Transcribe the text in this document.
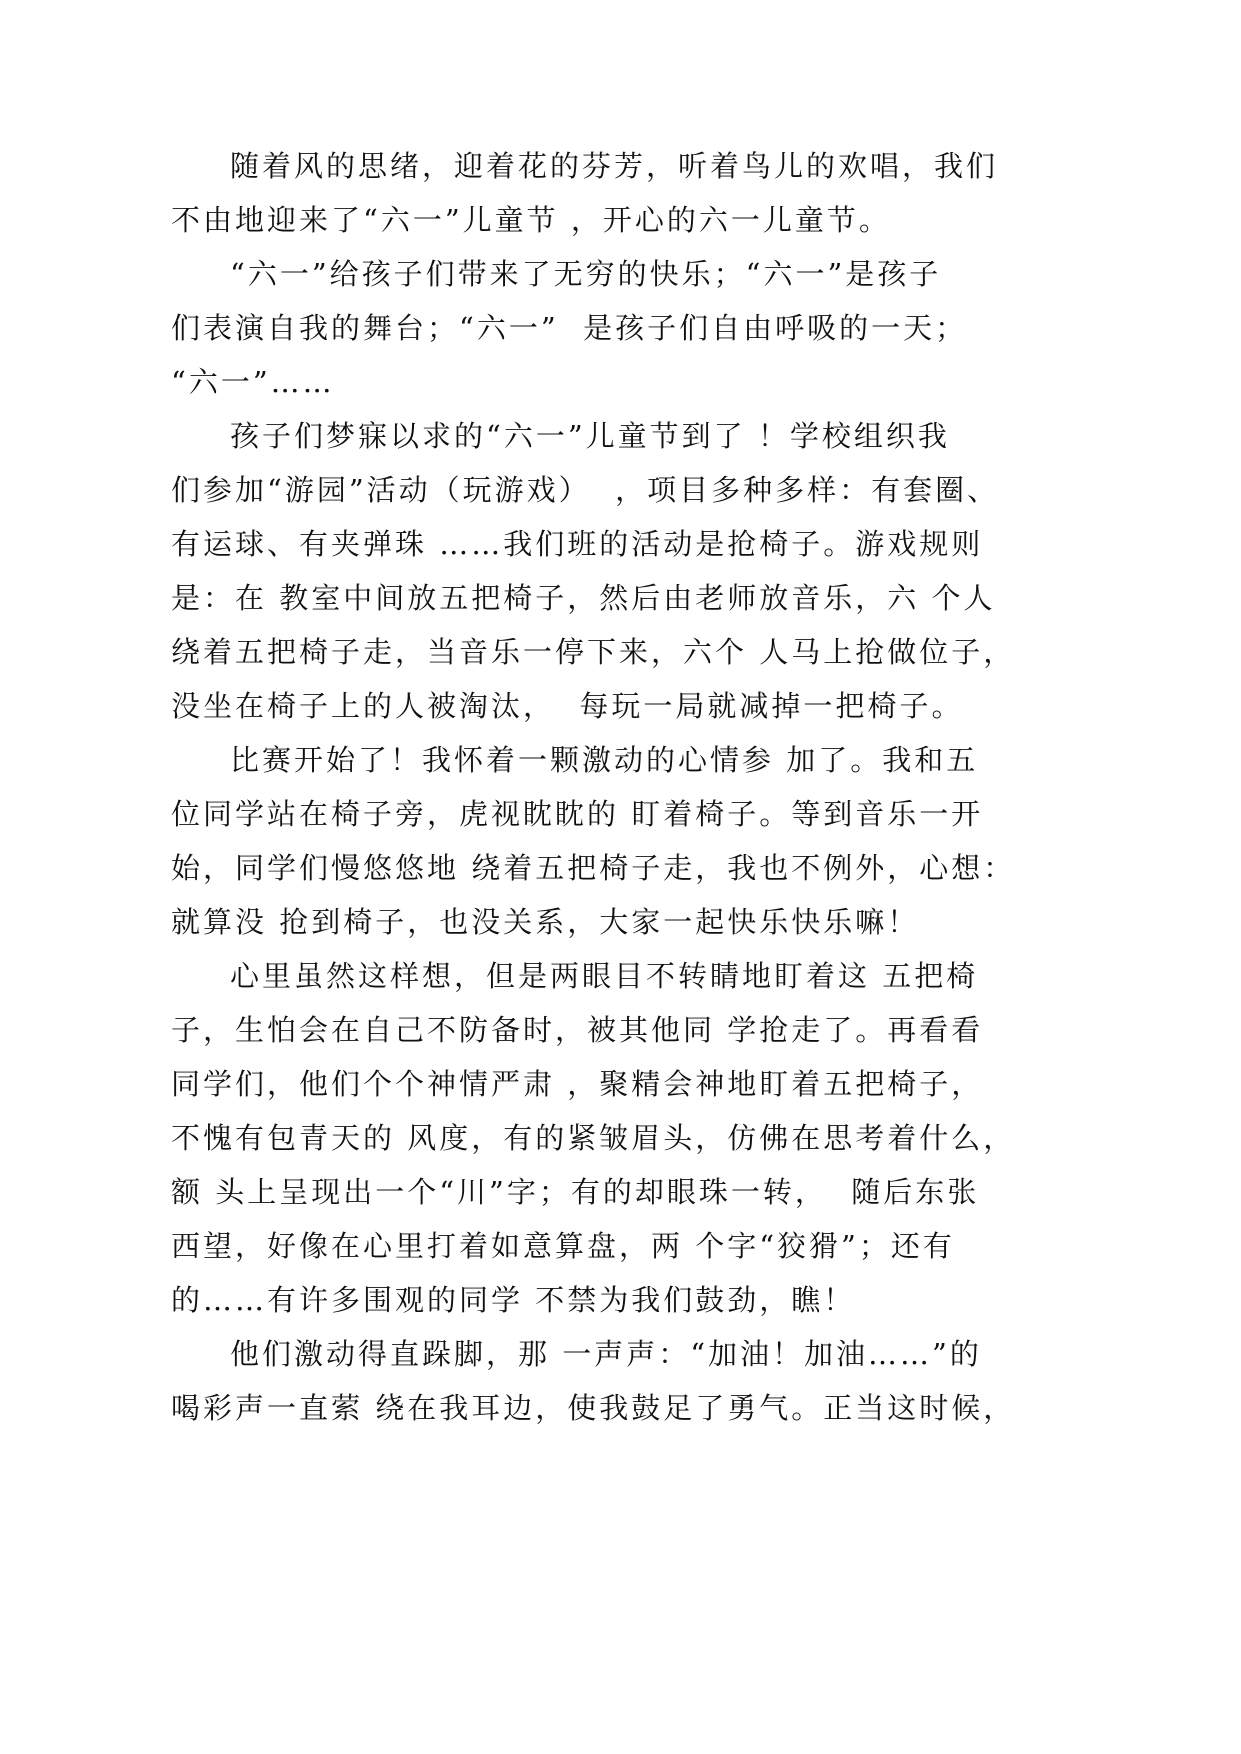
随着风的思绪，迎着花的芬芳，听着鸟儿的欢唱，我们
不由地迎来了“六一”儿童节 ，开心的六一儿童节。
“六一”给孩子们带来了无穷的快乐；“六一”是孩子
们表演自我的舞台；“六一”  是孩子们自由呼吸的一天；
“六一”……
孩子们梦寐以求的“六一”儿童节到了 ！学校组织我
们参加“游园”活动（玩游戏）  ，项目多种多样：有套圈、
有运球、有夹弹珠 ……我们班的活动是抢椅子。游戏规则
是：在 教室中间放五把椅子，然后由老师放音乐，六 个人
绕着五把椅子走，当音乐一停下来，六个 人马上抢做位子，
没坐在椅子上的人被淘汰，  每玩一局就减掉一把椅子。
比赛开始了！我怀着一颗激动的心情参 加了。我和五
位同学站在椅子旁，虎视眈眈的 盯着椅子。等到音乐一开
始，同学们慢悠悠地 绕着五把椅子走，我也不例外，心想：
就算没 抢到椅子，也没关系，大家一起快乐快乐嘛！
心里虽然这样想，但是两眼目不转睛地盯着这 五把椅
子，生怕会在自己不防备时，被其他同 学抢走了。再看看
同学们，他们个个神情严肃 ，聚精会神地盯着五把椅子，
不愧有包青天的 风度，有的紧皱眉头，仿佛在思考着什么，
额 头上呈现出一个“川”字；有的却眼珠一转，  随后东张
西望，好像在心里打着如意算盘，两 个字“狡猾”；还有
的……有许多围观的同学 不禁为我们鼓劲，瞧！
他们激动得直跺脚，那 一声声：“加油！加油……”的
喝彩声一直萦 绕在我耳边，使我鼓足了勇气。正当这时候，
